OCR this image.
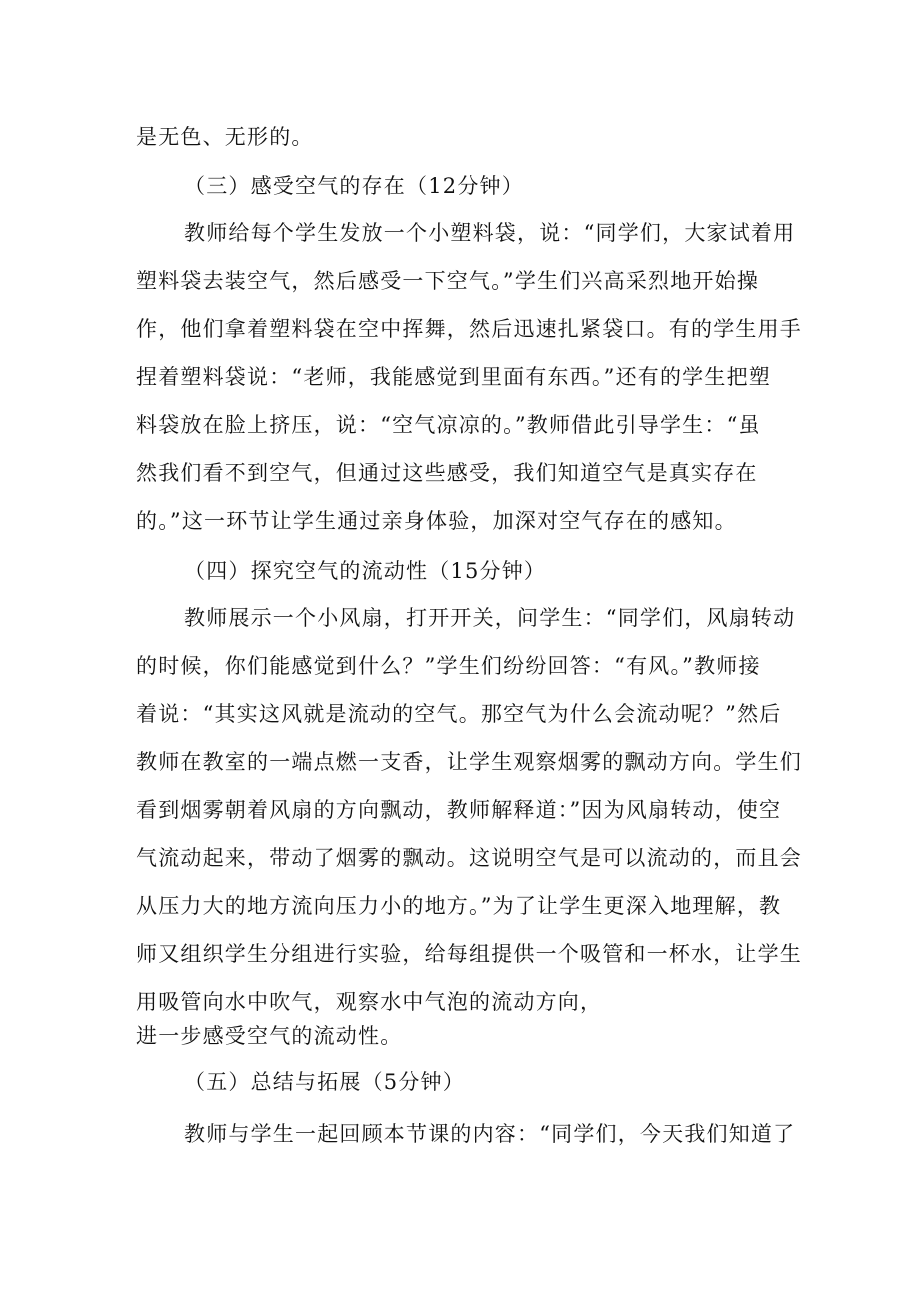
是无色、无形的。
（三）感受空气的存在（12分钟）
教师给每个学生发放一个小塑料袋，说：“同学们，大家试着用
塑料袋去装空气，然后感受一下空气。”学生们兴高采烈地开始操
作，他们拿着塑料袋在空中挥舞，然后迅速扎紧袋口。有的学生用手
捏着塑料袋说：“老师，我能感觉到里面有东西。”还有的学生把塑
料袋放在脸上挤压，说：“空气凉凉的。”教师借此引导学生：“虽
然我们看不到空气，但通过这些感受，我们知道空气是真实存在
的。”这一环节让学生通过亲身体验，加深对空气存在的感知。
（四）探究空气的流动性（15分钟）
教师展示一个小风扇，打开开关，问学生：“同学们，风扇转动
的时候，你们能感觉到什么？”学生们纷纷回答：“有风。”教师接
着说：“其实这风就是流动的空气。那空气为什么会流动呢？”然后
教师在教室的一端点燃一支香，让学生观察烟雾的飘动方向。学生们
看到烟雾朝着风扇的方向飘动，教师解释道：”因为风扇转动，使空
气流动起来，带动了烟雾的飘动。这说明空气是可以流动的，而且会
从压力大的地方流向压力小的地方。”为了让学生更深入地理解，教
师又组织学生分组进行实验，给每组提供一个吸管和一杯水，让学生
用吸管向水中吹气，观察水中气泡的流动方向，
进一步感受空气的流动性。
（五）总结与拓展（5分钟）
教师与学生一起回顾本节课的内容：“同学们，今天我们知道了
